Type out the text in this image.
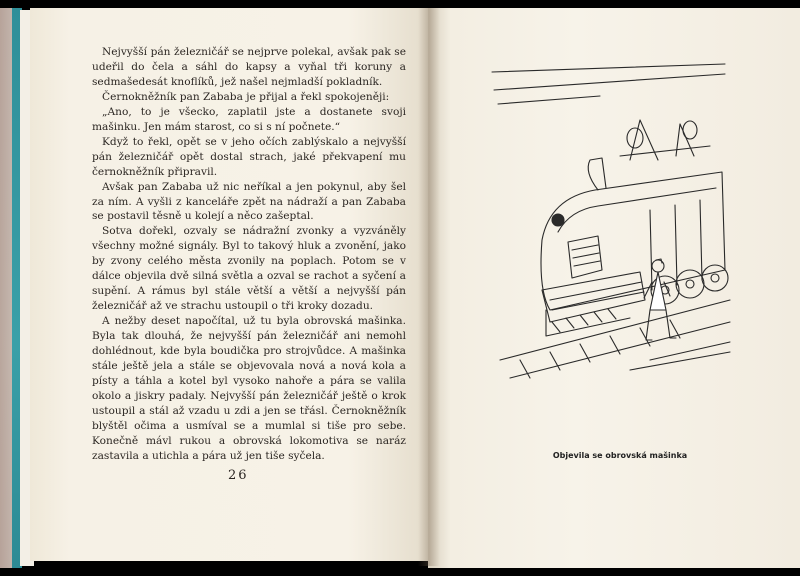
Nejvyšší pán železničář se nejprve polekal, avšak pak se udeřil do čela a sáhl do kapsy a vyňal tři koruny a sedmašedesát knoflíků, jež našel nejmladší pokladník.

Černokněžník pan Zababa je přijal a řekl spokojeněji:

„Ano, to je všecko, zaplatil jste a dostanete svoji mašinku. Jen mám starost, co si s ní počnete.“

Když to řekl, opět se v jeho očích zablýskalo a nejvyšší pán železničář opět dostal strach, jaké překvapení mu černokněžník připravil.

Avšak pan Zababa už nic neříkal a jen pokynul, aby šel za ním. A vyšli z kanceláře zpět na nádraží a pan Zababa se postavil těsně u kolejí a něco zašeptal.

Sotva dořekl, ozvaly se nádražní zvonky a vyzváněly všechny možné signály. Byl to takový hluk a zvonění, jako by zvony celého města zvonily na poplach. Potom se v dálce objevila dvě silná světla a ozval se rachot a syčení a supění. A rámus byl stále větší a větší a nejvyšší pán železničář až ve strachu ustoupil o tři kroky dozadu.

A nežby deset napočítal, už tu byla obrovská mašinka. Byla tak dlouhá, že nejvyšší pán železničář ani nemohl dohlédnout, kde byla boudička pro strojvůdce. A mašinka stále ještě jela a stále se objevovala nová a nová kola a písty a táhla a kotel byl vysoko nahoře a pára se valila okolo a jiskry padaly. Nejvyšší pán železničář ještě o krok ustoupil a stál až vzadu u zdi a jen se třásl. Černokněžník blyštěl očima a usmíval se a mumlal si tiše pro sebe. Konečně mávl rukou a obrovská lokomotiva se naráz zastavila a utichla a pára už jen tiše syčela.

26
Objevila se obrovská mašinka
